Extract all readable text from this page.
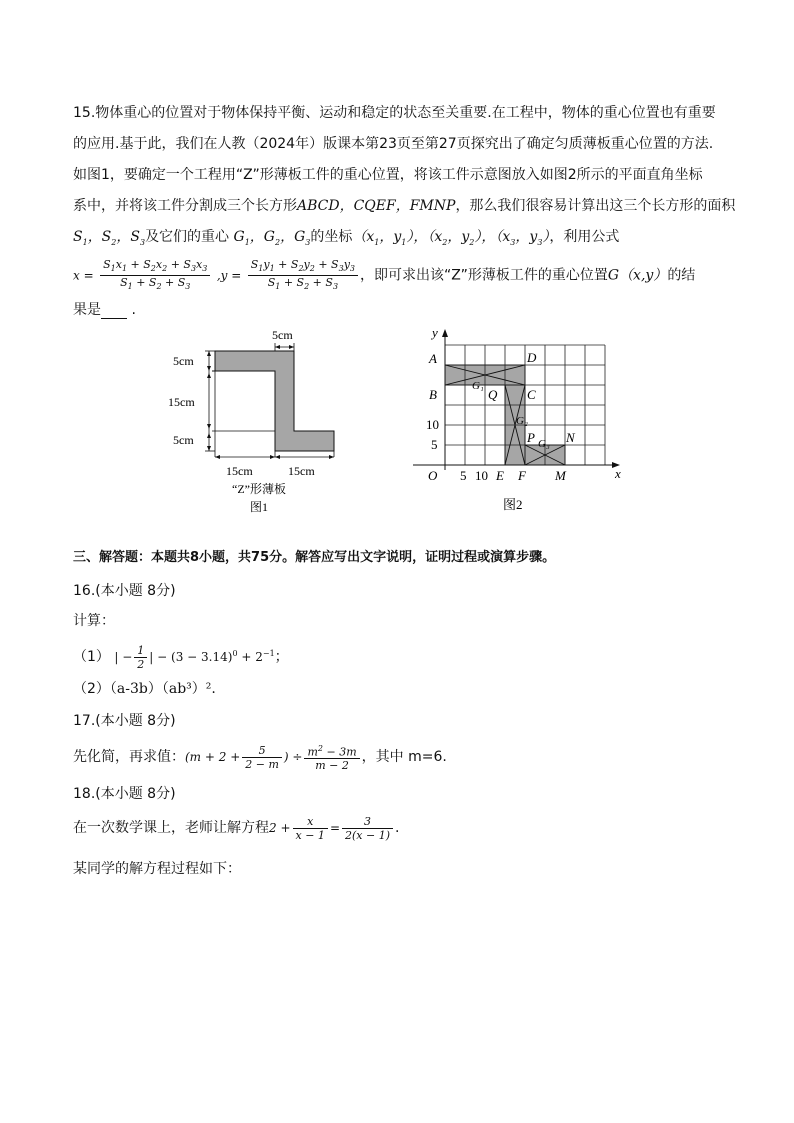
15.物体重心的位置对于物体保持平衡、运动和稳定的状态至关重要.在工程中，物体的重心位置也有重要
的应用.基于此，我们在人教（2024年）版课本第23页至第27页探究出了确定匀质薄板重心位置的方法.
如图1，要确定一个工程用“Z”形薄板工件的重心位置，将该工件示意图放入如图2所示的平面直角坐标
系中，并将该工件分割成三个长方形ABCD，CQEF，FMNP，那么我们很容易计算出这三个长方形的面积
$S_1$，$S_2$，$S_3$及它们的重心 $G_1$，$G_2$，$G_3$的坐标（$x_1$，$y_1$），（$x_2$，$y_2$），（$x_3$，$y_3$），利用公式
$x = \frac{S_1x_1 + S_2x_2 + S_3x_3}{S_1 + S_2 + S_3} ,y = \frac{S_1y_1 + S_2y_2 + S_3y_3}{S_1 + S_2 + S_3}$ ，即可求出该“Z”形薄板工件的重心位置G（x,y）的结
果是 .
5cm
5cm
15cm
5cm
15cm	15cm
“Z”形薄板
图1
y
x
O
A
B	C
D
Q
E F
P N
M
G₁
G₂
G₃
5 10
10
5
图2
三、解答题：本题共8小题，共75分。解答应写出文字说明，证明过程或演算步骤。
16.(本小题 8分)
计算：
（1） | − $\frac{1}{2}$ | − $(3 - 3.14)^0 + 2^{-1}$；
（2）（a-3b）（ab³）².
17.(本小题 8分)
先化简，再求值：($m + 2 + \frac{5}{2 - m}$ ) ÷ $\frac{m^2 - 3m}{m - 2}$ ，其中 m=6.
18.(本小题 8分)
在一次数学课上，老师让解方程$2 + \frac{x}{x - 1} = \frac{3}{2(x - 1)}$ .
某同学的解方程过程如下：
